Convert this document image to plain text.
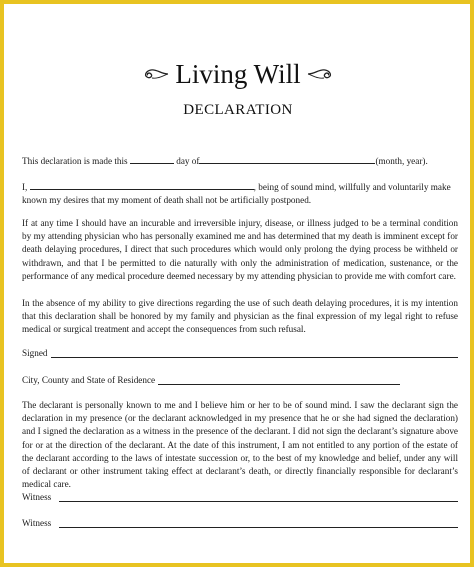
Living Will
DECLARATION

This declaration is made this	day of	(month, year).

I,	, being of sound mind, willfully and voluntarily make
known my desires that my moment of death shall not be artificially postponed.

If at any time I should have an incurable and irreversible injury, disease, or illness judged to be a terminal condition by my attending physician who has personally examined me and has determined that my death is imminent except for death delaying procedures, I direct that such procedures which would only prolong the dying process be withheld or withdrawn, and that I be permitted to die naturally with only the administration of medication, sustenance, or the performance of any medical procedure deemed necessary by my attending physician to provide me with comfort care.

In the absence of my ability to give directions regarding the use of such death delaying procedures, it is my intention that this declaration shall be honored by my family and physician as the final expression of my legal right to refuse medical or surgical treatment and accept the consequences from such refusal.

Signed
City, County and State of Residence

The declarant is personally known to me and I believe him or her to be of sound mind. I saw the declarant sign the declaration in my presence (or the declarant acknowledged in my presence that he or she had signed the declaration) and I signed the declaration as a witness in the presence of the declarant. I did not sign the declarant’s signature above for or at the direction of the declarant. At the date of this instrument, I am not entitled to any portion of the estate of the declarant according to the laws of intestate succession or, to the best of my knowledge and belief, under any will of declarant or other instrument taking effect at declarant’s death, or directly financially responsible for declarant’s medical care.

Witness
Witness
